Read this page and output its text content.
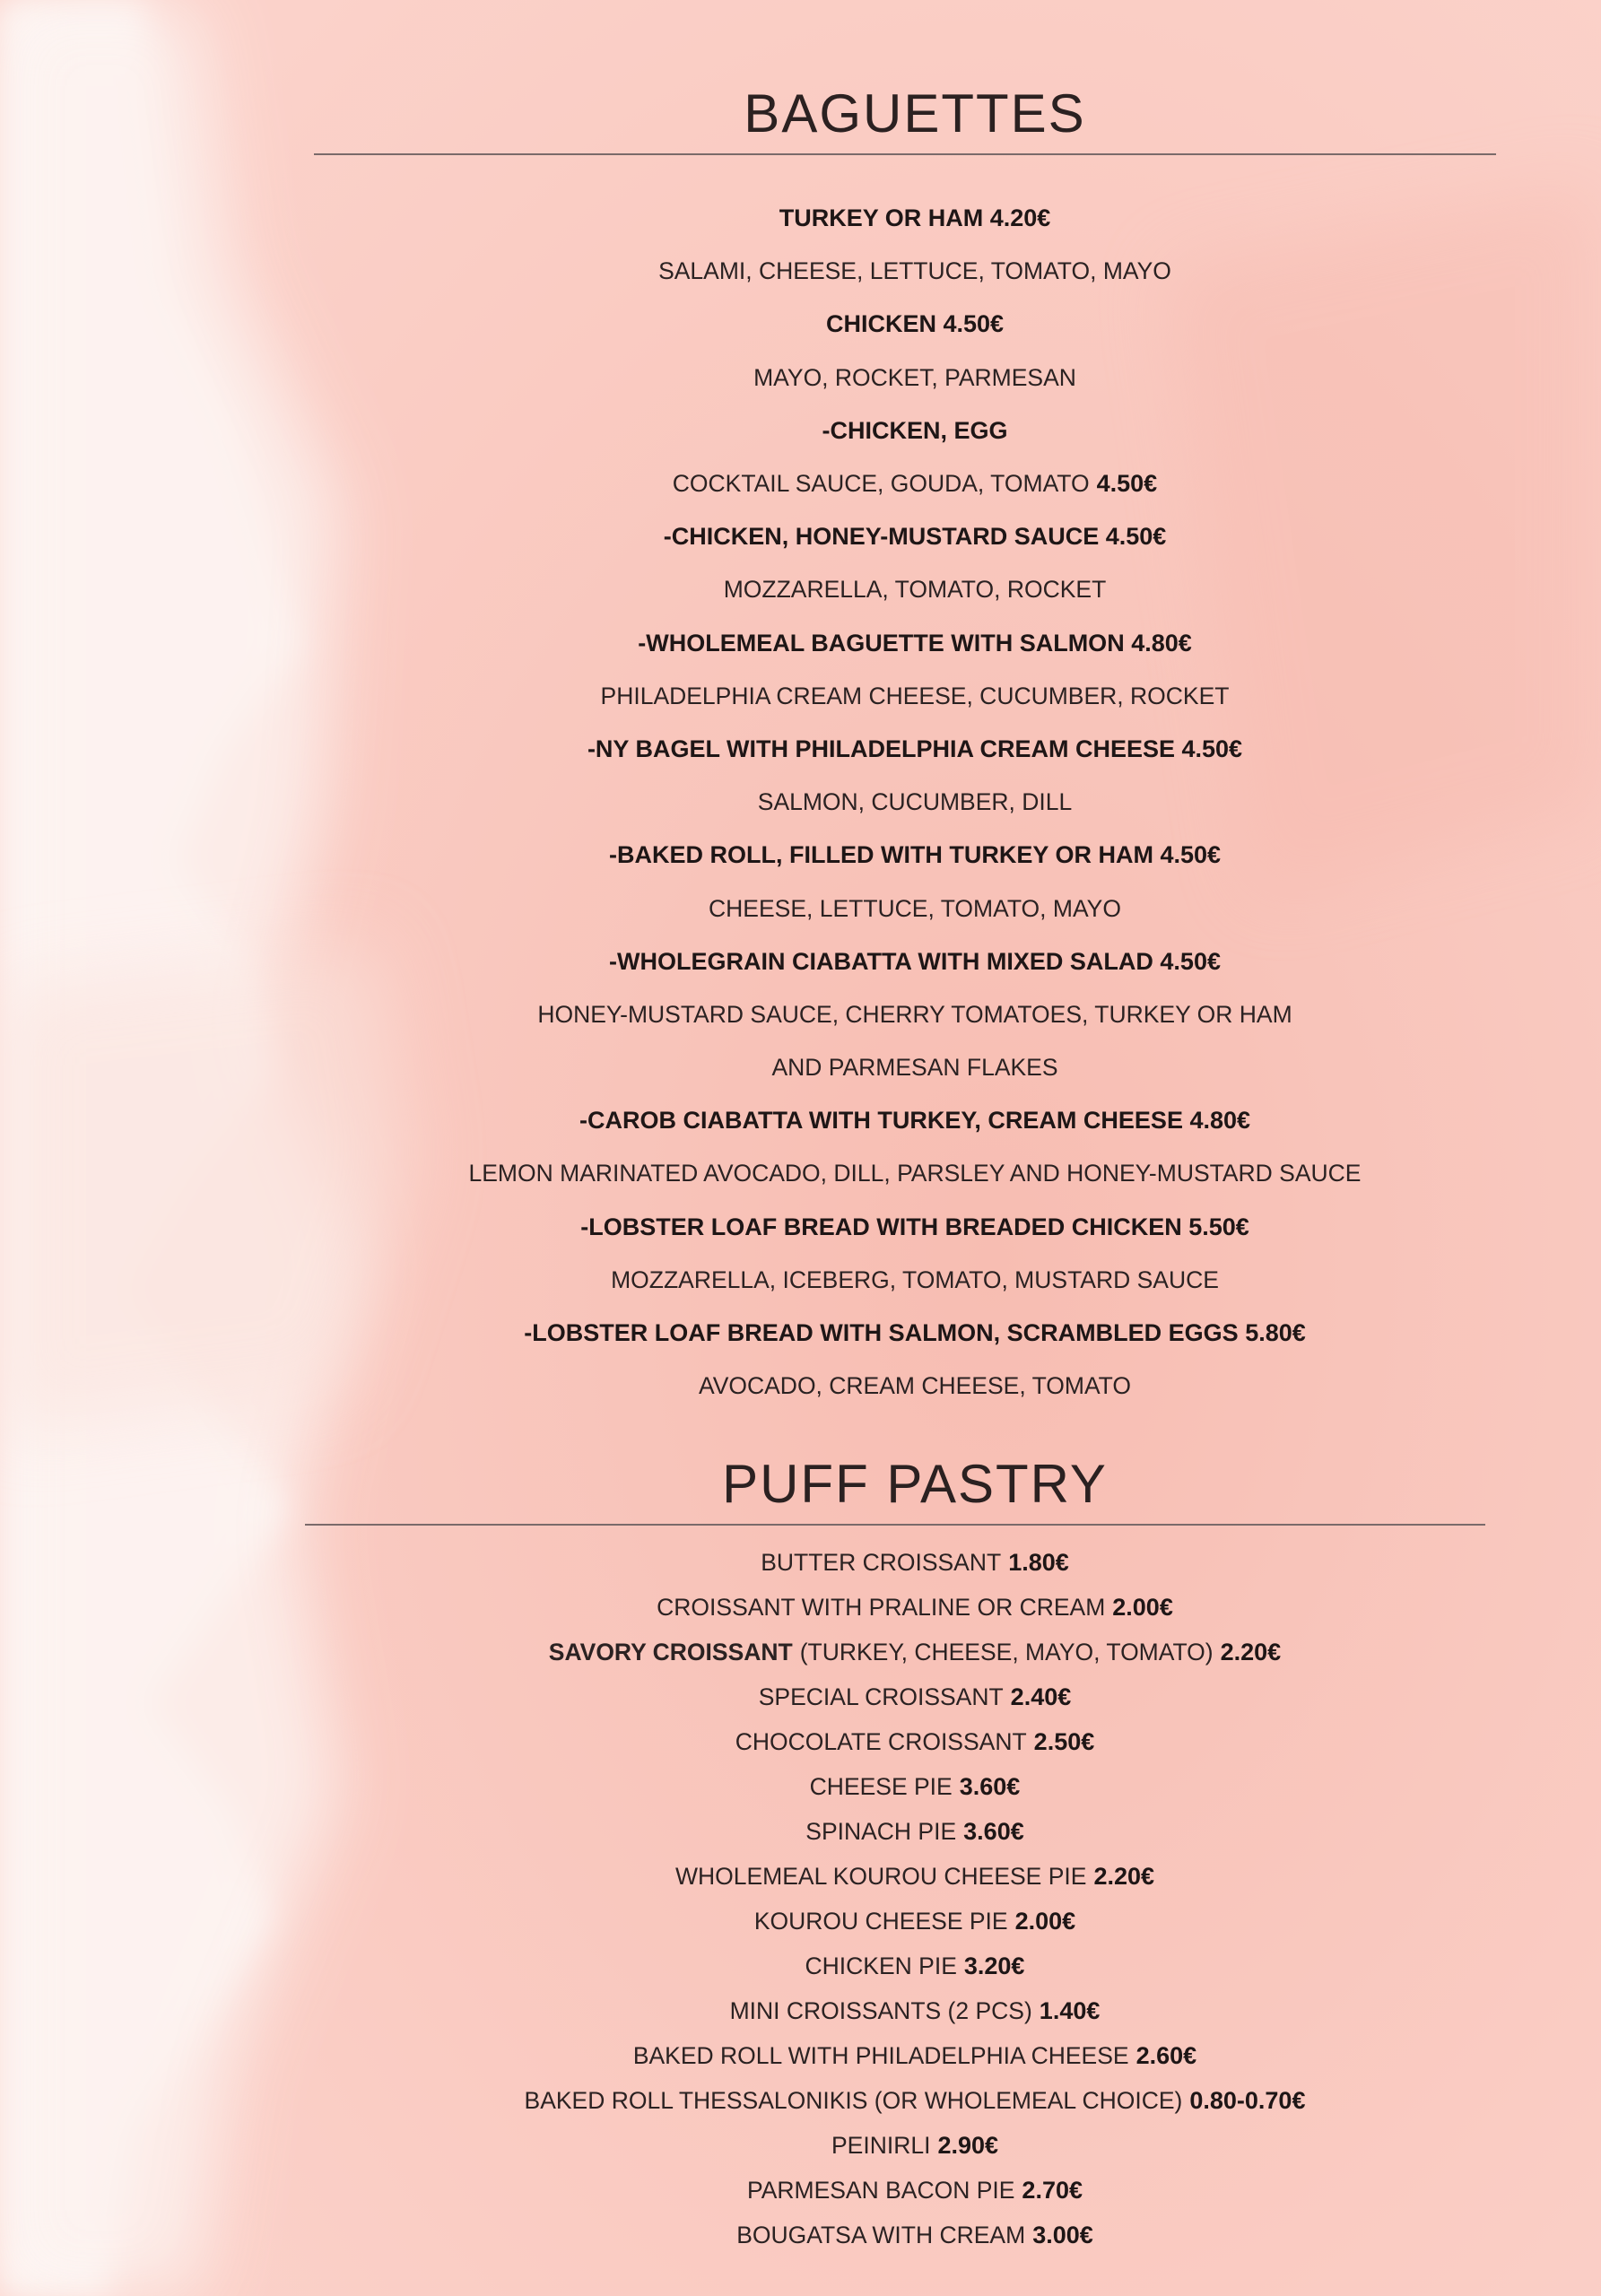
BAGUETTES
TURKEY OR HAM 4.20€
SALAMI, CHEESE, LETTUCE, TOMATO, MAYO
CHICKEN 4.50€
MAYO, ROCKET, PARMESAN
-CHICKEN, EGG
COCKTAIL SAUCE, GOUDA, TOMATO 4.50€
-CHICKEN, HONEY-MUSTARD SAUCE 4.50€
MOZZARELLA, TOMATO, ROCKET
-WHOLEMEAL BAGUETTE WITH SALMON 4.80€
PHILADELPHIA CREAM CHEESE, CUCUMBER, ROCKET
-NY BAGEL WITH PHILADELPHIA CREAM CHEESE 4.50€
SALMON, CUCUMBER, DILL
-BAKED ROLL, FILLED WITH TURKEY OR HAM 4.50€
CHEESE, LETTUCE, TOMATO, MAYO
-WHOLEGRAIN CIABATTA WITH MIXED SALAD 4.50€
HONEY-MUSTARD SAUCE, CHERRY TOMATOES, TURKEY OR HAM
AND PARMESAN FLAKES
-CAROB CIABATTA WITH TURKEY, CREAM CHEESE 4.80€
LEMON MARINATED AVOCADO, DILL, PARSLEY AND HONEY-MUSTARD SAUCE
-LOBSTER LOAF BREAD WITH BREADED CHICKEN 5.50€
MOZZARELLA, ICEBERG, TOMATO, MUSTARD SAUCE
-LOBSTER LOAF BREAD WITH SALMON, SCRAMBLED EGGS 5.80€
AVOCADO, CREAM CHEESE, TOMATO
PUFF PASTRY
BUTTER CROISSANT 1.80€
CROISSANT WITH PRALINE OR CREAM 2.00€
SAVORY CROISSANT (TURKEY, CHEESE, MAYO, TOMATO) 2.20€
SPECIAL CROISSANT 2.40€
CHOCOLATE CROISSANT 2.50€
CHEESE PIE 3.60€
SPINACH PIE 3.60€
WHOLEMEAL KOUROU CHEESE PIE 2.20€
KOUROU CHEESE PIE 2.00€
CHICKEN PIE 3.20€
MINI CROISSANTS (2 PCS) 1.40€
BAKED ROLL WITH PHILADELPHIA CHEESE 2.60€
BAKED ROLL THESSALONIKIS (OR WHOLEMEAL CHOICE) 0.80-0.70€
PEINIRLI 2.90€
PARMESAN BACON PIE 2.70€
BOUGATSA WITH CREAM 3.00€
